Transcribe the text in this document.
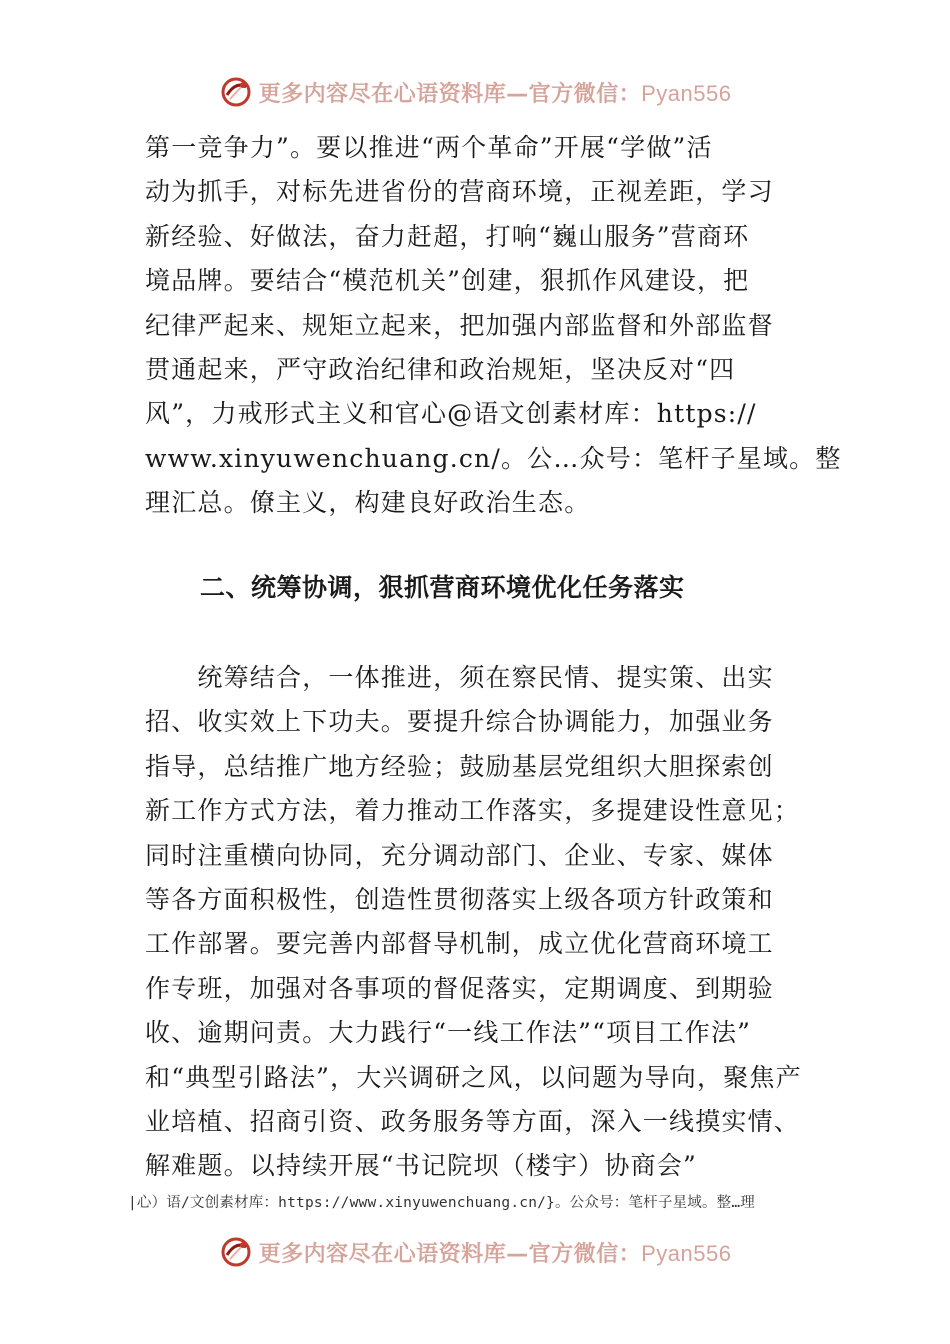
更多内容尽在心语资料库—官方微信：Pyan556
第一竞争力”。要以推进“两个革命”开展“学做”活
动为抓手，对标先进省份的营商环境，正视差距，学习
新经验、好做法，奋力赶超，打响“巍山服务”营商环
境品牌。要结合“模范机关”创建，狠抓作风建设，把
纪律严起来、规矩立起来，把加强内部监督和外部监督
贯通起来，严守政治纪律和政治规矩，坚决反对“四
风”，力戒形式主义和官心@语文创素材库：https://
www.xinyuwenchuang.cn/。公…众号：笔杆子星域。整
理汇总。僚主义，构建良好政治生态。
二、统筹协调，狠抓营商环境优化任务落实
　　统筹结合，一体推进，须在察民情、提实策、出实
招、收实效上下功夫。要提升综合协调能力，加强业务
指导，总结推广地方经验；鼓励基层党组织大胆探索创
新工作方式方法，着力推动工作落实，多提建设性意见；
同时注重横向协同，充分调动部门、企业、专家、媒体
等各方面积极性，创造性贯彻落实上级各项方针政策和
工作部署。要完善内部督导机制，成立优化营商环境工
作专班，加强对各事项的督促落实，定期调度、到期验
收、逾期问责。大力践行“一线工作法”“项目工作法”
和“典型引路法”，大兴调研之风，以问题为导向，聚焦产
业培植、招商引资、政务服务等方面，深入一线摸实情、
解难题。以持续开展“书记院坝（楼宇）协商会”
|心）语/文创素材库：https://www.xinyuwenchuang.cn/}。公众号：笔杆子星域。整…理
更多内容尽在心语资料库—官方微信：Pyan556
